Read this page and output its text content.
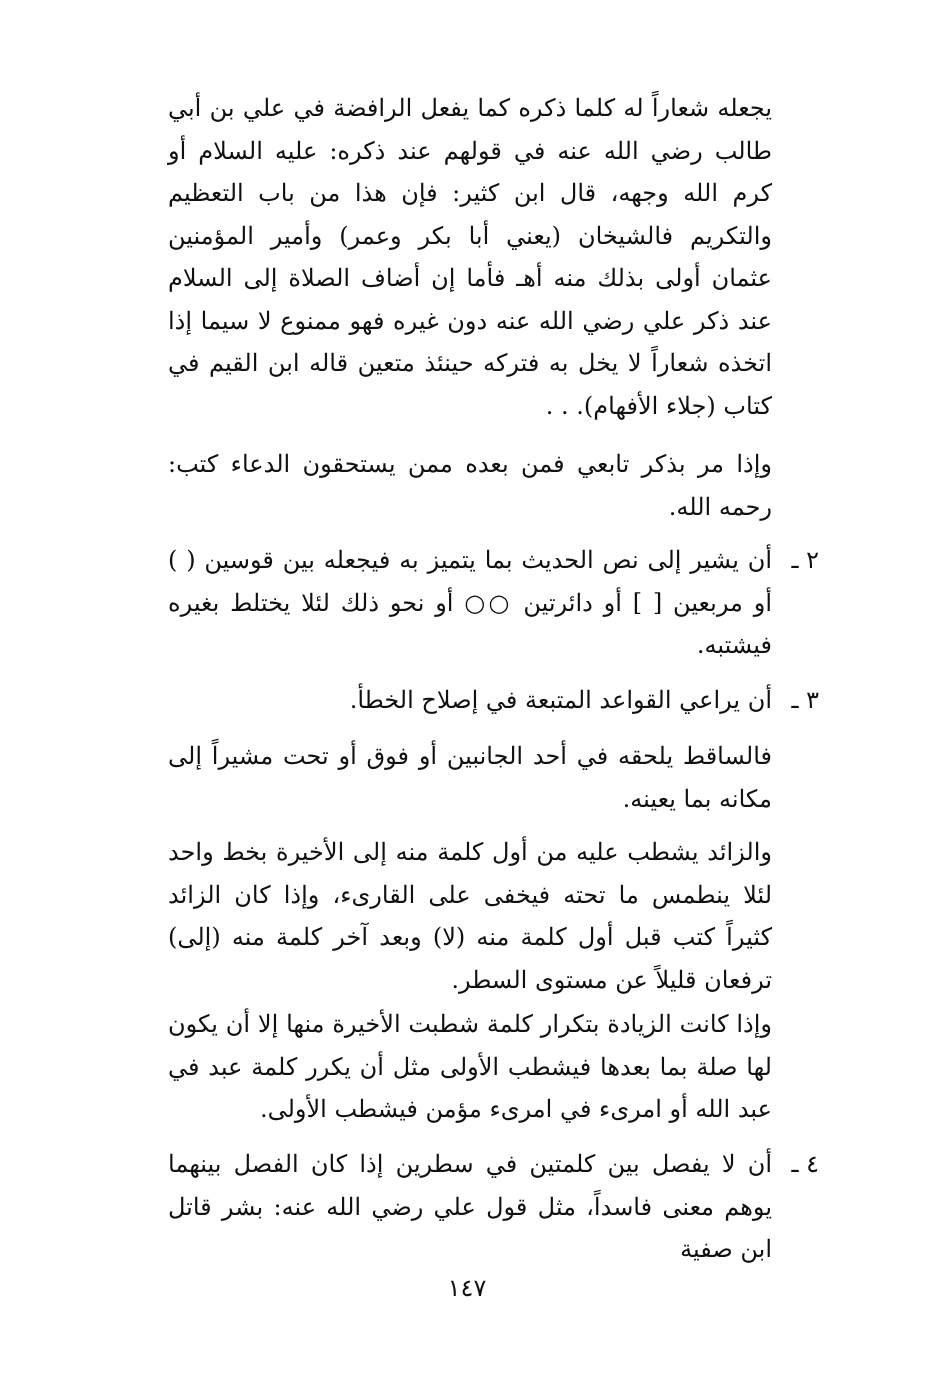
يجعله شعاراً له كلما ذكره كما يفعل الرافضة في علي بن أبي طالب رضي الله عنه في قولهم عند ذكره: عليه السلام أو كرم الله وجهه، قال ابن كثير: فإن هذا من باب التعظيم والتكريم فالشيخان (يعني أبا بكر وعمر) وأمير المؤمنين عثمان أولى بذلك منه أهـ فأما إن أضاف الصلاة إلى السلام عند ذكر علي رضي الله عنه دون غيره فهو ممنوع لا سيما إذا اتخذه شعاراً لا يخل به فتركه حينئذ متعين قاله ابن القيم في كتاب (جلاء الأفهام). . .

وإذا مر بذكر تابعي فمن بعده ممن يستحقون الدعاء كتب: رحمه الله.

٢ ـ

أن يشير إلى نص الحديث بما يتميز به فيجعله بين قوسين ( ) أو مربعين [ ] أو دائرتين ○○ أو نحو ذلك لئلا يختلط بغيره فيشتبه.

٣ ـ

أن يراعي القواعد المتبعة في إصلاح الخطأ.

فالساقط يلحقه في أحد الجانبين أو فوق أو تحت مشيراً إلى مكانه بما يعينه.

والزائد يشطب عليه من أول كلمة منه إلى الأخيرة بخط واحد لئلا ينطمس ما تحته فيخفى على القارىء، وإذا كان الزائد كثيراً كتب قبل أول كلمة منه (لا) وبعد آخر كلمة منه (إلى) ترفعان قليلاً عن مستوى السطر.

وإذا كانت الزيادة بتكرار كلمة شطبت الأخيرة منها إلا أن يكون لها صلة بما بعدها فيشطب الأولى مثل أن يكرر كلمة عبد في عبد الله أو امرىء في امرىء مؤمن فيشطب الأولى.

٤ ـ

أن لا يفصل بين كلمتين في سطرين إذا كان الفصل بينهما يوهم معنى فاسداً، مثل قول علي رضي الله عنه: بشر قاتل ابن صفية

١٤٧
